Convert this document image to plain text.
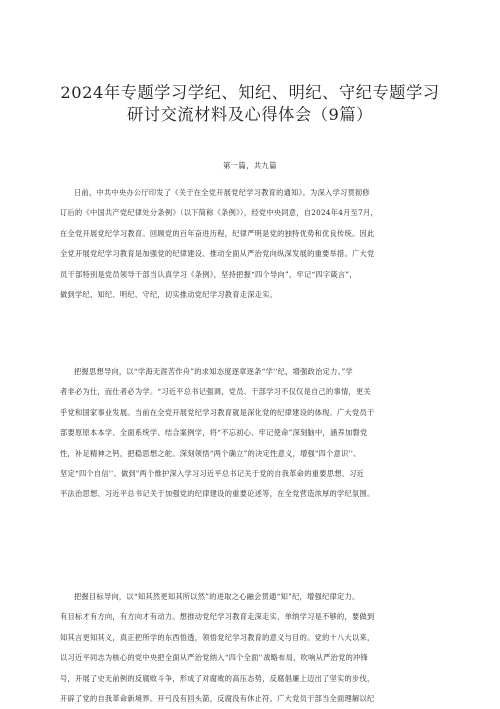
2024年专题学习学纪、知纪、明纪、守纪专题学习
研讨交流材料及心得体会（9篇）
第一篇，共九篇
日前，中共中央办公厅印发了《关于在全党开展党纪学习教育的通知》。为深入学习贯彻修
订后的《中国共产党纪律处分条例》（以下简称《条例》），经党中央同意，自2024年4月至7月，
在全党开展党纪学习教育。回顾党的百年奋进历程，纪律严明是党的独特优势和优良传统。因此
全党开展党纪学习教育是加强党的纪律建设、推动全面从严治党向纵深发展的重要举措。广大党
员干部特别是党员领导干部当认真学习《条例》，坚持把握“四个导向”，牢记“四字箴言”，
做到学纪、知纪、明纪、守纪，切实推动党纪学习教育走深走实。
把握思想导向，以“学海无涯苦作舟”的求知态度逐章逐条“学''纪，增强政治定力。”学
者非必为仕，而仕者必为学。“习近平总书记强调，党员、干部学习不仅仅是自己的事情，更关
乎党和国家事业发展。当前在全党开展党纪学习教育就是深化党的纪律建设的体现。广大党员干
部要原原本本学、全面系统学、结合案例学，将“不忘初心、牢记使命”深刻脑中，涵养加磐党
性，补足精神之钙，把稳思想之舵。深刻领悟“两个确立”的决定性意义，增强"四个意识''、
坚定“四个自信''、做到"两个维护深入学习习近平总书记关于党的自我革命的重要思想、习近
平法治思想、习近平总书记关于加强党的纪律建设的重要论述等，在全党营造浓厚的学纪氛围。
把握目标导向，以“知其然更知其所以然”的进取之心融会贯通“知”纪，增强纪律定力。
有目标才有方向，有方向才有动力。想推动党纪学习教育走深走实，单纳学习是不够的，要做到
知其言更知其义，真正把所学的东西悟透，领悟党纪学习教育的意义与目的。党的十八大以来，
以习近平同志为核心的党中央把全面从严治党纳入“四个全面''战略布局，吹响从严治党的冲锋
号，开展了史无前例的反腐败斗争，形成了对腐败的高压态势，反腐倡廉上迈出了坚实的步伐，
开辟了党的自我革命新境界。开弓没有回头箭，反腐没有休止符。广大党员干部当全面理解以纪
